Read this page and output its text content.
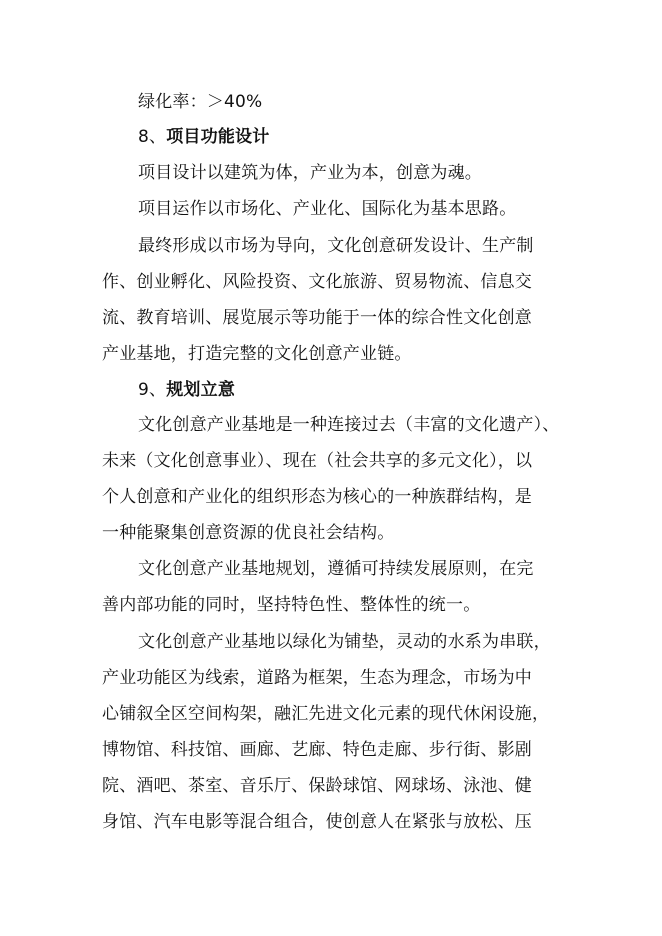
绿化率：＞40%
8、项目功能设计
项目设计以建筑为体，产业为本，创意为魂。
项目运作以市场化、产业化、国际化为基本思路。
最终形成以市场为导向，文化创意研发设计、生产制
作、创业孵化、风险投资、文化旅游、贸易物流、信息交
流、教育培训、展览展示等功能于一体的综合性文化创意
产业基地，打造完整的文化创意产业链。
9、规划立意
文化创意产业基地是一种连接过去（丰富的文化遗产）、
未来（文化创意事业）、现在（社会共享的多元文化），以
个人创意和产业化的组织形态为核心的一种族群结构，是
一种能聚集创意资源的优良社会结构。
文化创意产业基地规划，遵循可持续发展原则，在完
善内部功能的同时，坚持特色性、整体性的统一。
文化创意产业基地以绿化为铺垫，灵动的水系为串联，
产业功能区为线索，道路为框架，生态为理念，市场为中
心铺叙全区空间构架，融汇先进文化元素的现代休闲设施，
博物馆、科技馆、画廊、艺廊、特色走廊、步行街、影剧
院、酒吧、茶室、音乐厅、保龄球馆、网球场、泳池、健
身馆、汽车电影等混合组合，使创意人在紧张与放松、压
